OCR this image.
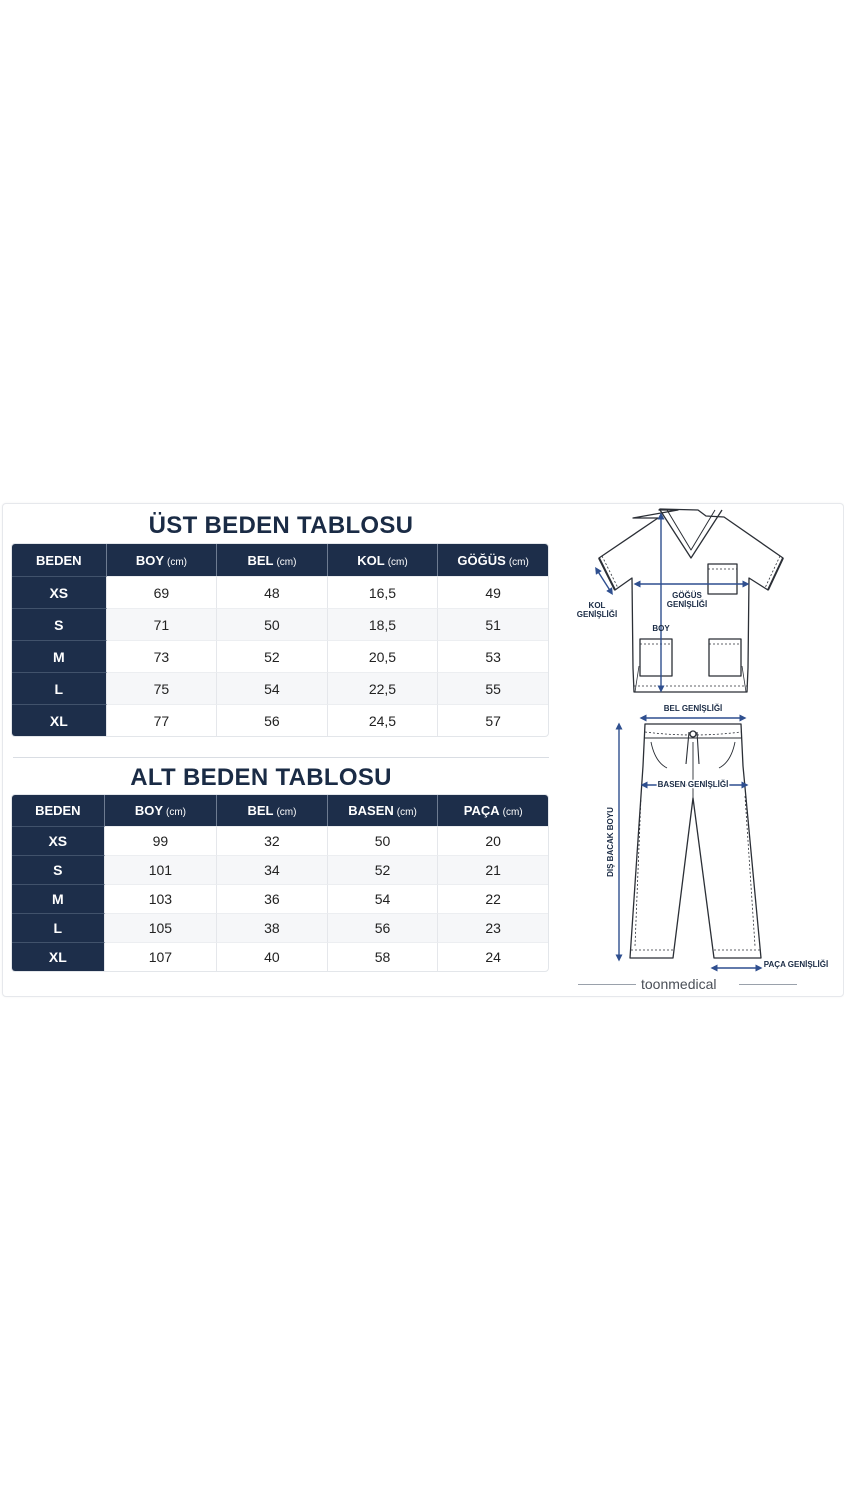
ÜST BEDEN TABLOSU
BEDEN	BOY (cm)	BEL (cm)	KOL (cm)	GÖĞÜS (cm)
XS	69	48	16,5	49
S	71	50	18,5	51
M	73	52	20,5	53
L	75	54	22,5	55
XL	77	56	24,5	57
ALT BEDEN TABLOSU
BEDEN	BOY (cm)	BEL (cm)	BASEN (cm)	PAÇA (cm)
XS	99	32	50	20
S	101	34	52	21
M	103	36	54	22
L	105	38	56	23
XL	107	40	58	24
KOL
GENİŞLİĞİ
GÖĞÜS
GENİŞLİĞİ
BOY
BEL GENİŞLİĞİ
BASEN GENİŞLİĞİ
DIŞ BACAK BOYU
PAÇA GENİŞLİĞİ
toonmedical
